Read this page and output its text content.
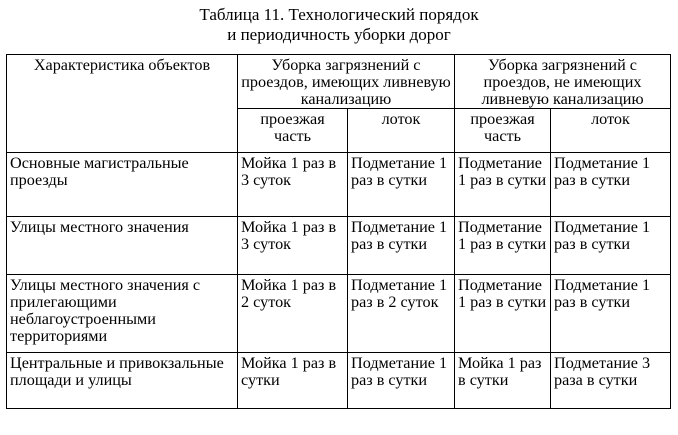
Таблица 11. Технологический порядок
и периодичность уборки дорог
Характеристика объектов	Уборка загрязнений с проездов, имеющих ливневую канализацию		Уборка загрязнений с проездов, не имеющих ливневую канализацию	
	проезжая часть	лоток	проезжая часть	лоток
Основные магистральные проезды	Мойка 1 раз в 3 суток	Подметание 1 раз в сутки	Подметание 1 раз в сутки	Подметание 1 раз в сутки
Улицы местного значения	Мойка 1 раз в 3 суток	Подметание 1 раз в сутки	Подметание 1 раз в сутки	Подметание 1 раз в сутки
Улицы местного значения с прилегающими неблагоустроенными территориями	Мойка 1 раз в 2 суток	Подметание 1 раз в 2 суток	Подметание 1 раз в сутки	Подметание 1 раз в сутки
Центральные и привокзальные площади и улицы	Мойка 1 раз в сутки	Подметание 1 раз в сутки	Мойка 1 раз в сутки	Подметание 3 раза в сутки
